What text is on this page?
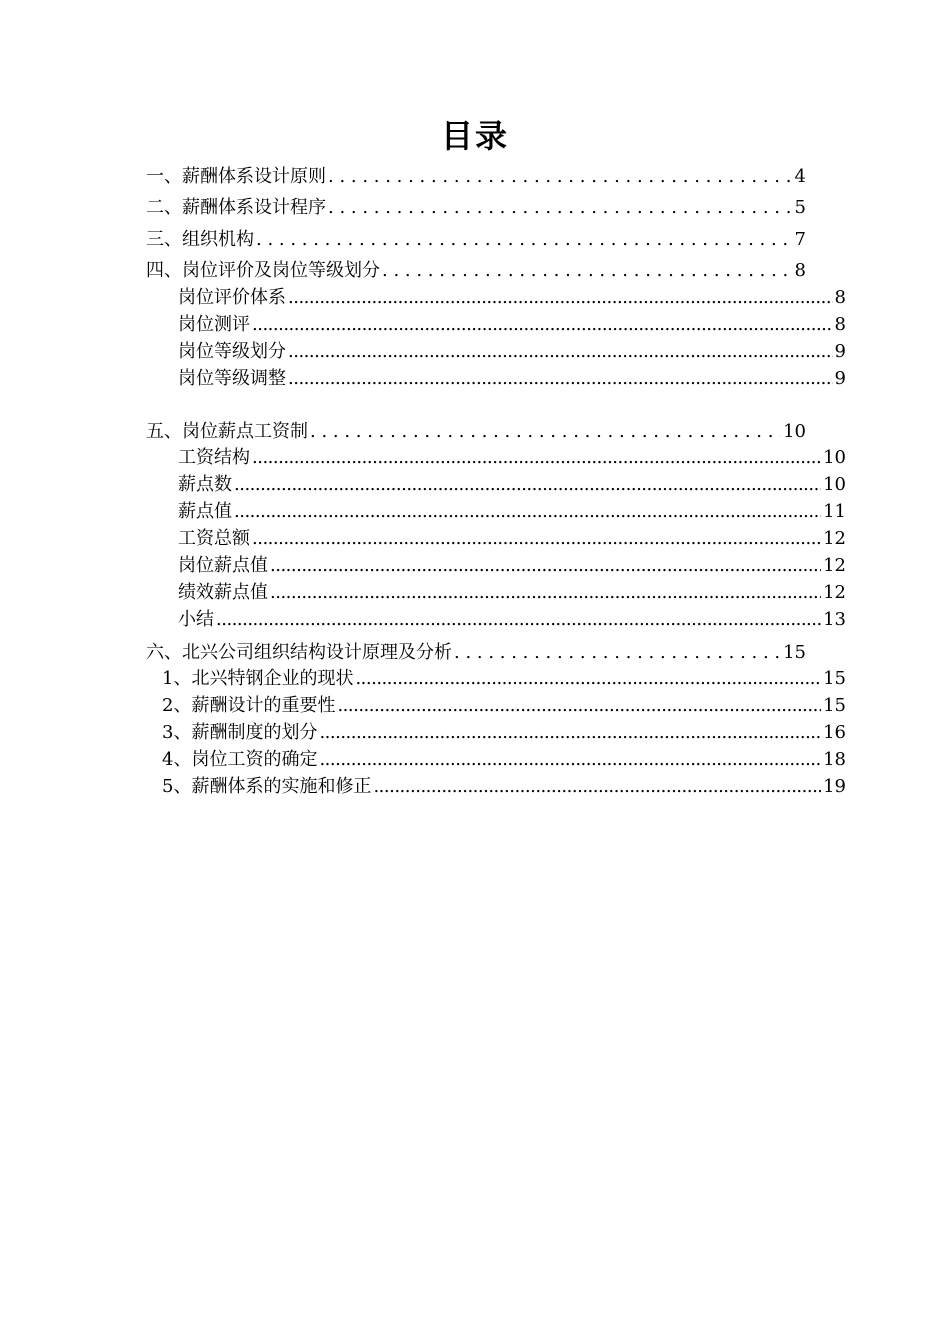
目录
一、 薪酬体系设计原则 . . .	4
二、 薪酬体系设计程序 . . .	5
三、 组织机构 . . .	7
四、 岗位评价及岗位等级划分 . . .	8
岗位评价体系 .....	8
岗位测评 .....	8
岗位等级划分 .....	9
岗位等级调整 .....	9
五、 岗位薪点工资制 . . .	10
工资结构 .....	10
薪点数 .....	10
薪点值 .....	11
工资总额 .....	12
岗位薪点值 .....	12
绩效薪点值 .....	12
小结 .....	13
六、 北兴公司组织结构设计原理及分析 . . .	15
1、北兴特钢企业的现状 .....	15
2、薪酬设计的重要性 .....	15
3、薪酬制度的划分 .....	16
4、岗位工资的确定 .....	18
5、薪酬体系的实施和修正 .....	19
